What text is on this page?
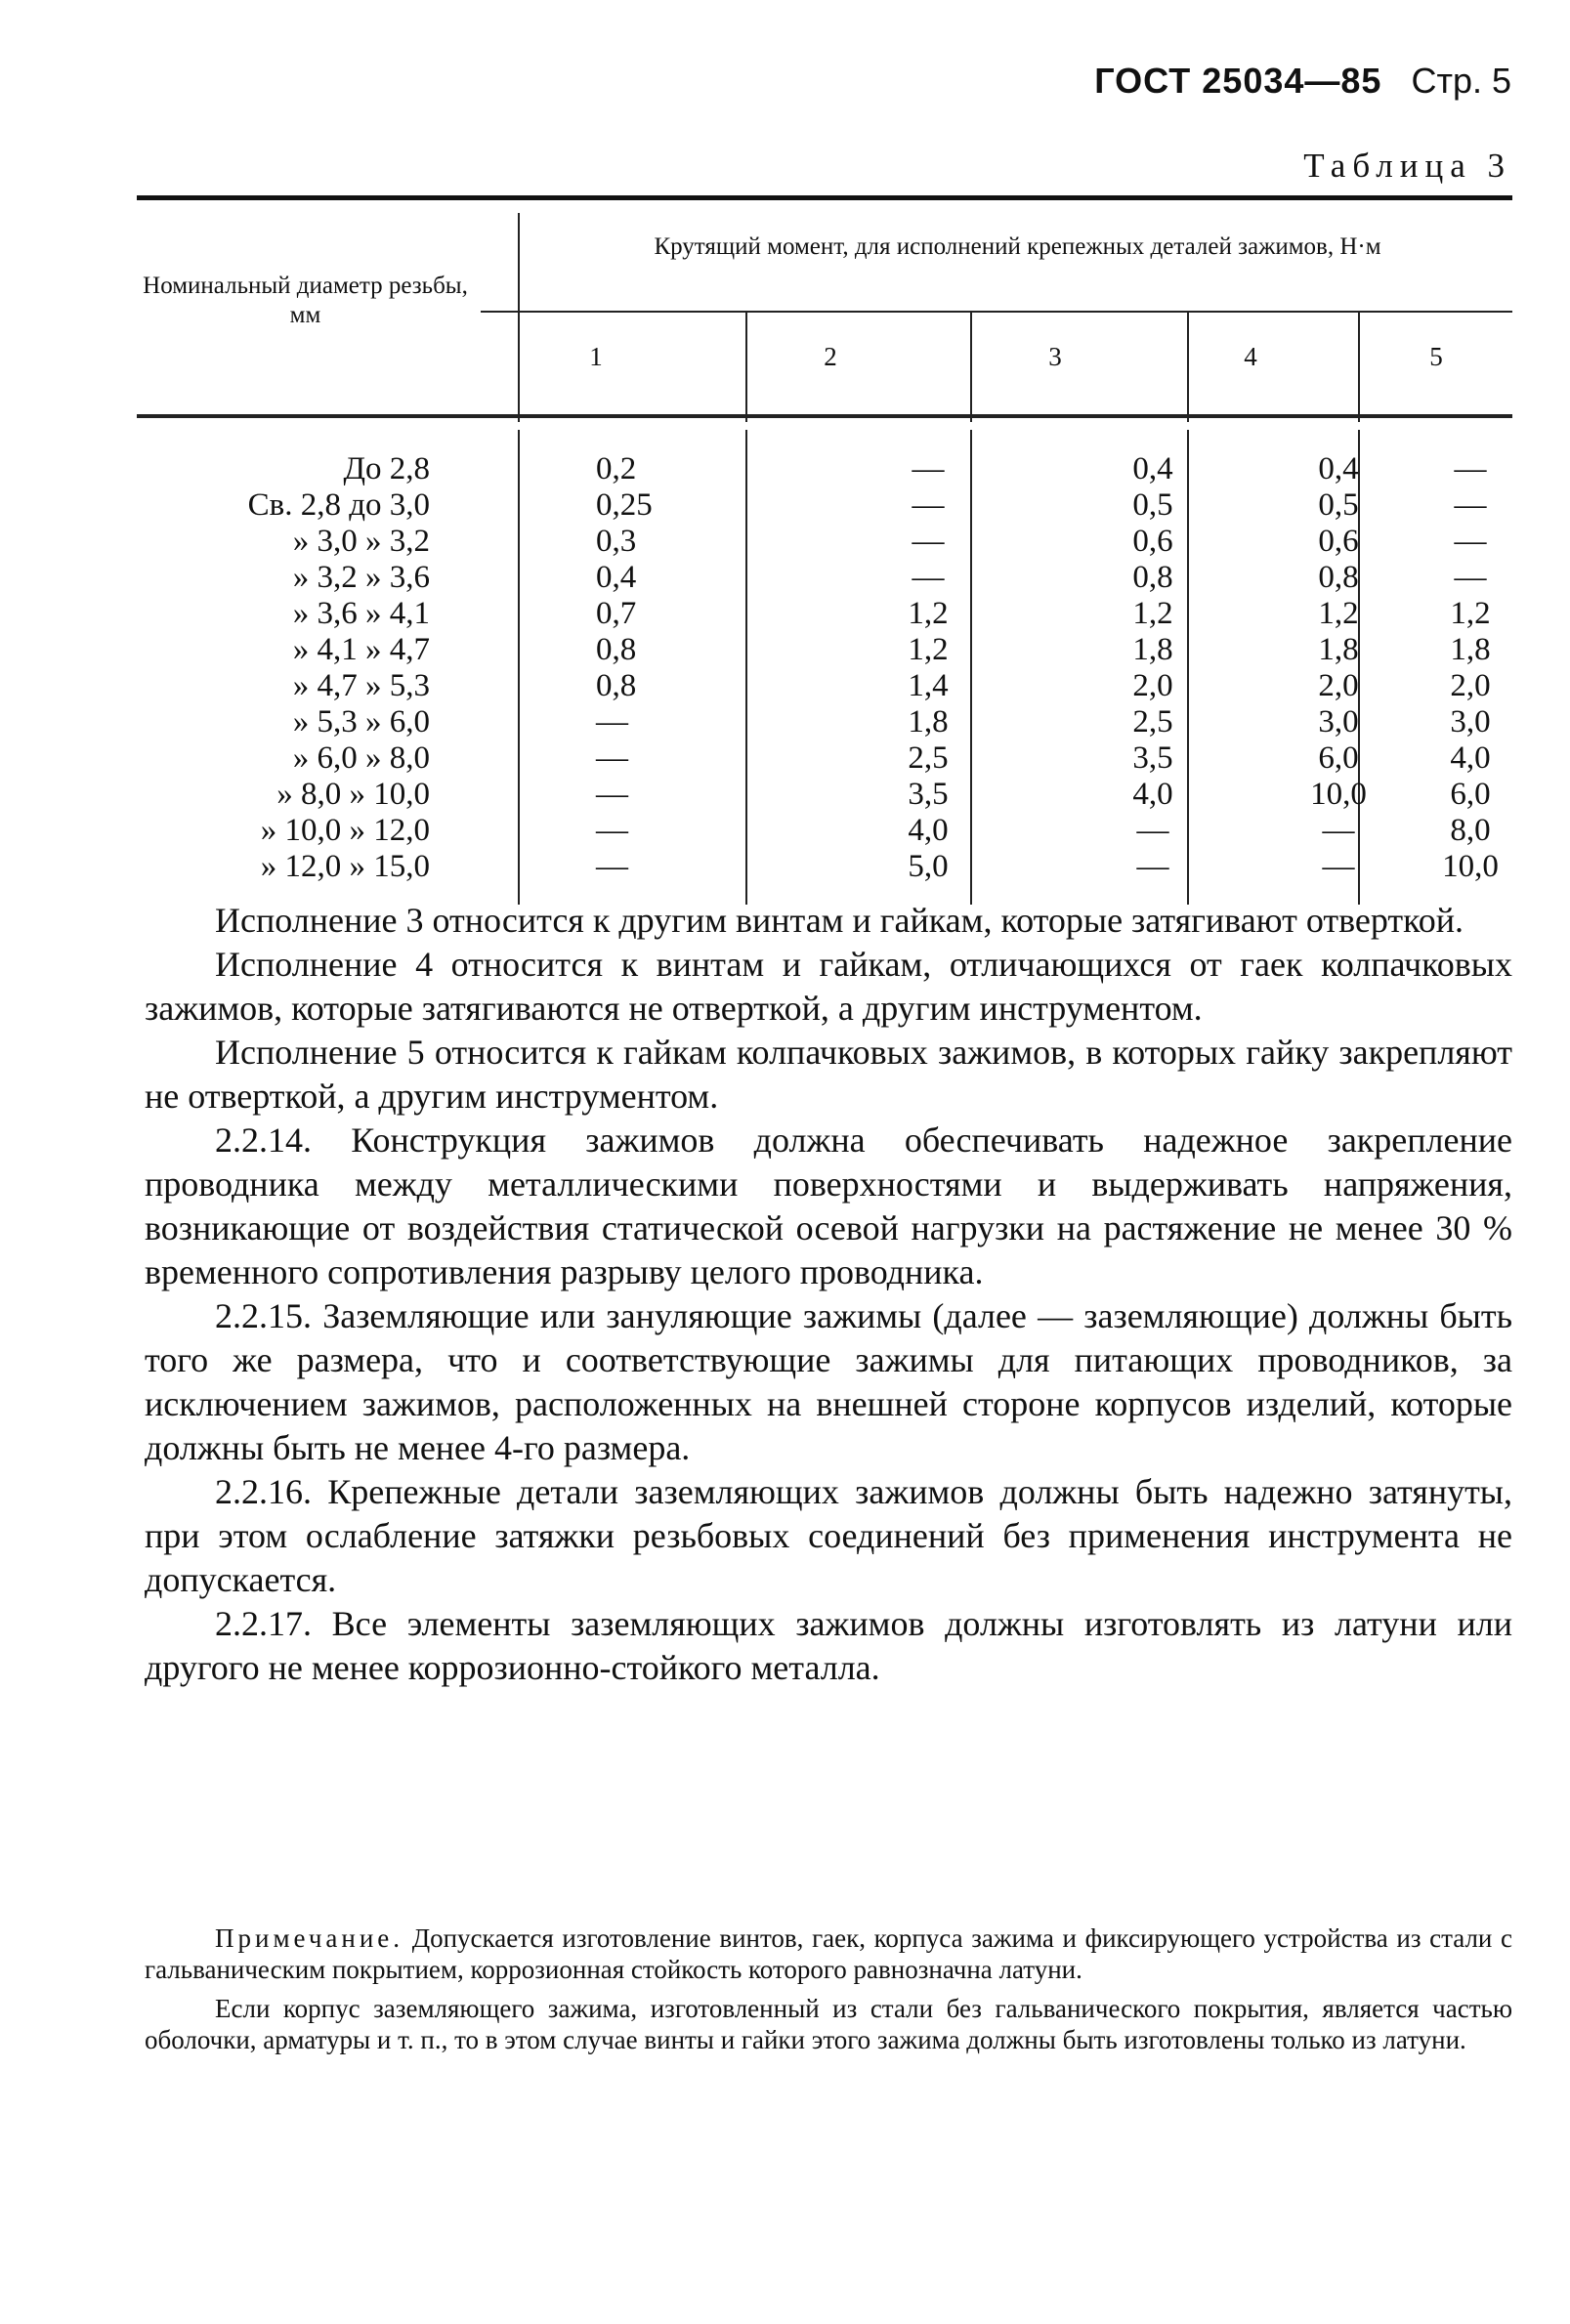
ГОСТ 25034—85 Стр. 5
Таблица 3
Номинальный диаметр резьбы, мм
Крутящий момент, для исполнений крепежных деталей зажимов, Н·м
1	2	3	4	5
До 2,8	0,2	—	0,4	0,4	—
Св. 2,8 до 3,0	0,25	—	0,5	0,5	—
» 3,0 » 3,2	0,3	—	0,6	0,6	—
» 3,2 » 3,6	0,4	—	0,8	0,8	—
» 3,6 » 4,1	0,7	1,2	1,2	1,2	1,2
» 4,1 » 4,7	0,8	1,2	1,8	1,8	1,8
» 4,7 » 5,3	0,8	1,4	2,0	2,0	2,0
» 5,3 » 6,0	—	1,8	2,5	3,0	3,0
» 6,0 » 8,0	—	2,5	3,5	6,0	4,0
» 8,0 » 10,0	—	3,5	4,0	10,0	6,0
» 10,0 » 12,0	—	4,0	—	—	8,0
» 12,0 » 15,0	—	5,0	—	—	10,0

Исполнение 3 относится к другим винтам и гайкам, которые затягивают отверткой.

Исполнение 4 относится к винтам и гайкам, отличающихся от гаек колпачковых зажимов, которые затягиваются не отверткой, а другим инструментом.

Исполнение 5 относится к гайкам колпачковых зажимов, в которых гайку закрепляют не отверткой, а другим инструментом.

2.2.14. Конструкция зажимов должна обеспечивать надежное закрепление проводника между металлическими поверхностями и выдерживать напряжения, возникающие от воздействия статической осевой нагрузки на растяжение не менее 30 % временного сопротивления разрыву целого проводника.

2.2.15. Заземляющие или зануляющие зажимы (далее — заземляющие) должны быть того же размера, что и соответствующие зажимы для питающих проводников, за исключением зажимов, расположенных на внешней стороне корпусов изделий, которые должны быть не менее 4-го размера.

2.2.16. Крепежные детали заземляющих зажимов должны быть надежно затянуты, при этом ослабление затяжки резьбовых соединений без применения инструмента не допускается.

2.2.17. Все элементы заземляющих зажимов должны изготовлять из латуни или другого не менее коррозионно-стойкого металла.

Примечание. Допускается изготовление винтов, гаек, корпуса зажима и фиксирующего устройства из стали с гальваническим покрытием, коррозионная стойкость которого равнозначна латуни.

Если корпус заземляющего зажима, изготовленный из стали без гальванического покрытия, является частью оболочки, арматуры и т. п., то в этом случае винты и гайки этого зажима должны быть изготовлены только из латуни.
